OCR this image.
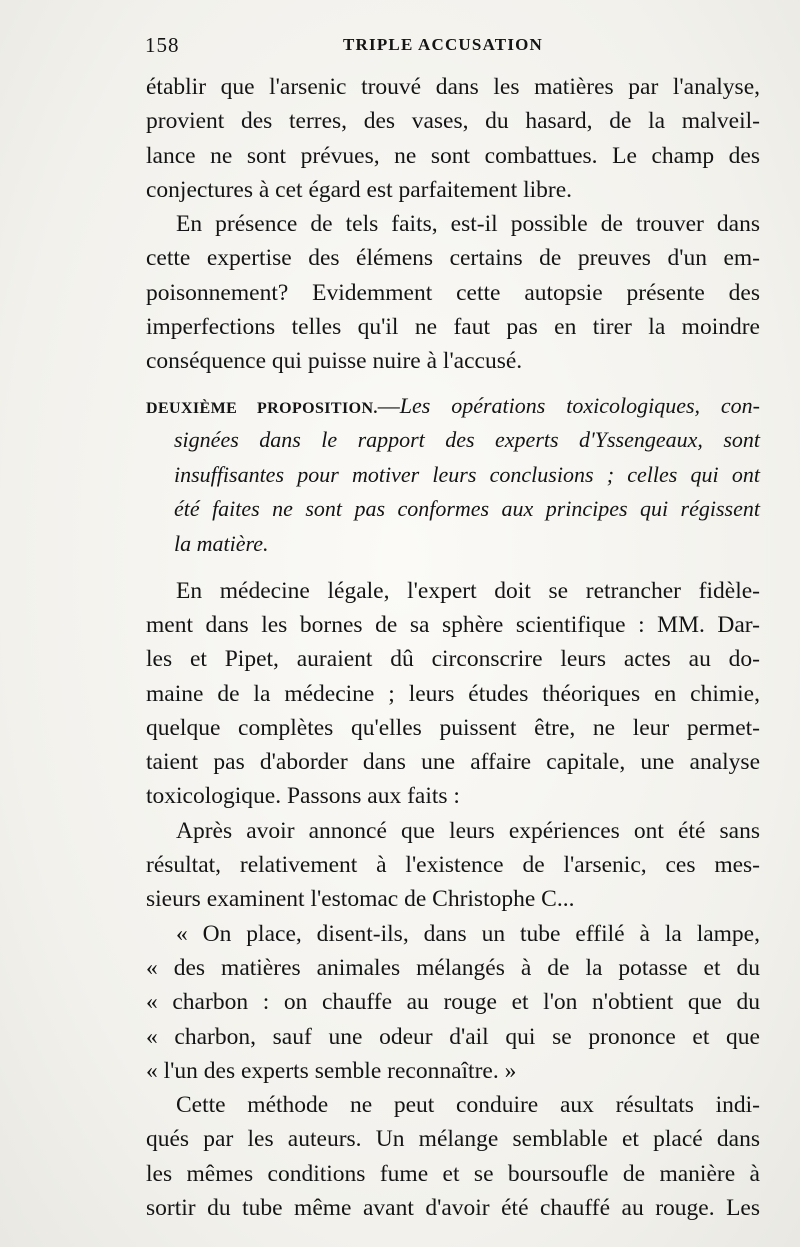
158	TRIPLE ACCUSATION
établir que l'arsenic trouvé dans les matières par l'analyse,
provient des terres, des vases, du hasard, de la malveil-
lance ne sont prévues, ne sont combattues. Le champ des
conjectures à cet égard est parfaitement libre.
En présence de tels faits, est-il possible de trouver dans
cette expertise des élémens certains de preuves d'un em-
poisonnement? Evidemment cette autopsie présente des
imperfections telles qu'il ne faut pas en tirer la moindre
conséquence qui puisse nuire à l'accusé.
DEUXIÈME PROPOSITION.—Les opérations toxicologiques, con-
signées dans le rapport des experts d'Yssengeaux, sont
insuffisantes pour motiver leurs conclusions ; celles qui ont
été faites ne sont pas conformes aux principes qui régissent
la matière.
En médecine légale, l'expert doit se retrancher fidèle-
ment dans les bornes de sa sphère scientifique : MM. Dar-
les et Pipet, auraient dû circonscrire leurs actes au do-
maine de la médecine ; leurs études théoriques en chimie,
quelque complètes qu'elles puissent être, ne leur permet-
taient pas d'aborder dans une affaire capitale, une analyse
toxicologique. Passons aux faits :
Après avoir annoncé que leurs expériences ont été sans
résultat, relativement à l'existence de l'arsenic, ces mes-
sieurs examinent l'estomac de Christophe C...
« On place, disent-ils, dans un tube effilé à la lampe,
« des matières animales mélangés à de la potasse et du
« charbon : on chauffe au rouge et l'on n'obtient que du
« charbon, sauf une odeur d'ail qui se prononce et que
« l'un des experts semble reconnaître. »
Cette méthode ne peut conduire aux résultats indi-
qués par les auteurs. Un mélange semblable et placé dans
les mêmes conditions fume et se boursoufle de manière à
sortir du tube même avant d'avoir été chauffé au rouge. Les
